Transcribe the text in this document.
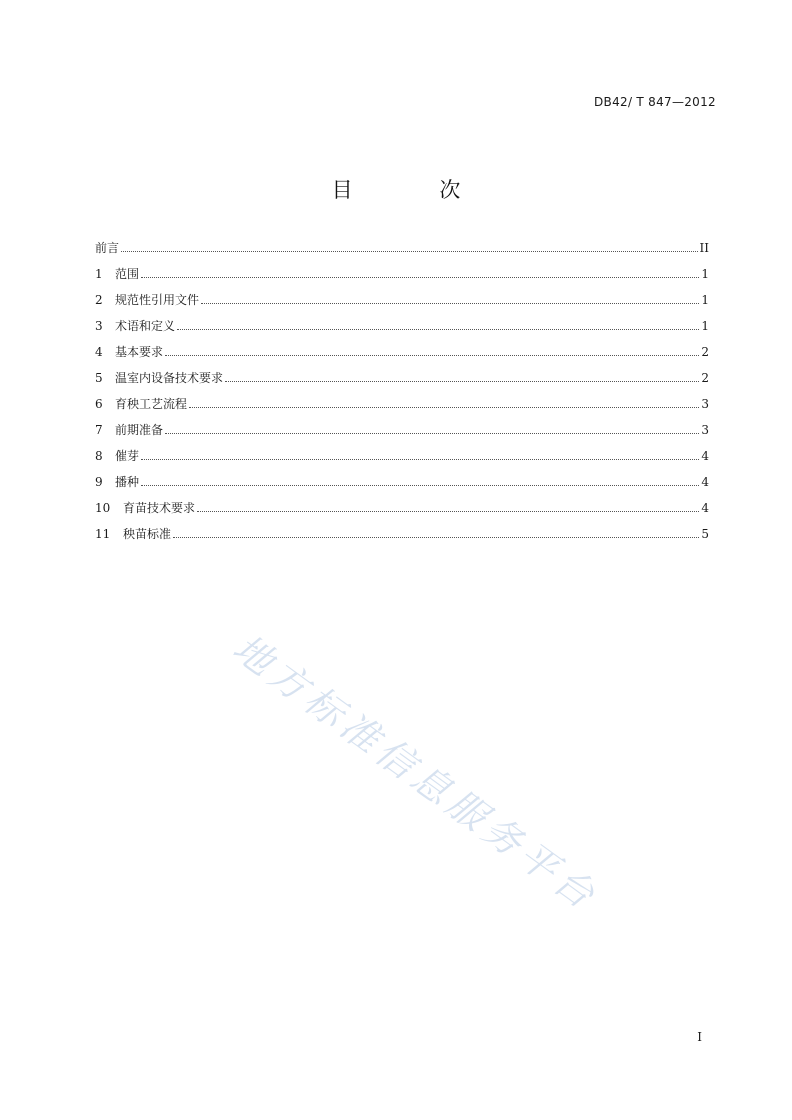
DB42/ T 847—2012
目 次
前言	II
1	范围	1
2	规范性引用文件	1
3	术语和定义	1
4	基本要求	2
5	温室内设备技术要求	2
6	育秧工艺流程	3
7	前期准备	3
8	催芽	4
9	播种	4
10	育苗技术要求	4
11	秧苗标准	5
地方标准信息服务平台
I
